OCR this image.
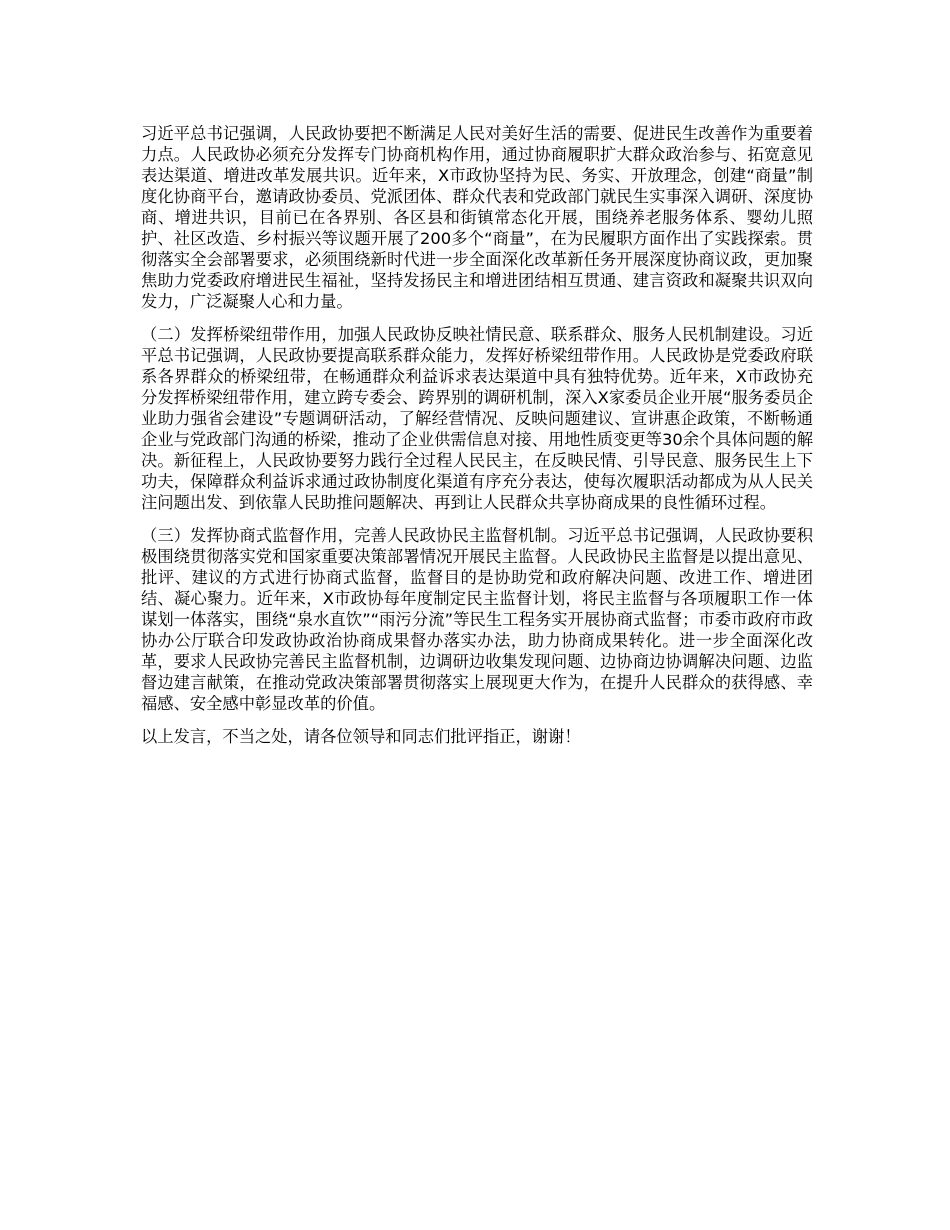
习近平总书记强调，人民政协要把不断满足人民对美好生活的需要、促进民生改善作为重要着力点。人民政协必须充分发挥专门协商机构作用，通过协商履职扩大群众政治参与、拓宽意见表达渠道、增进改革发展共识。近年来，X市政协坚持为民、务实、开放理念，创建“商量”制度化协商平台，邀请政协委员、党派团体、群众代表和党政部门就民生实事深入调研、深度协商、增进共识，目前已在各界别、各区县和街镇常态化开展，围绕养老服务体系、婴幼儿照护、社区改造、乡村振兴等议题开展了200多个“商量”，在为民履职方面作出了实践探索。贯彻落实全会部署要求，必须围绕新时代进一步全面深化改革新任务开展深度协商议政，更加聚焦助力党委政府增进民生福祉，坚持发扬民主和增进团结相互贯通、建言资政和凝聚共识双向发力，广泛凝聚人心和力量。

（二）发挥桥梁纽带作用，加强人民政协反映社情民意、联系群众、服务人民机制建设。习近平总书记强调，人民政协要提高联系群众能力，发挥好桥梁纽带作用。人民政协是党委政府联系各界群众的桥梁纽带，在畅通群众利益诉求表达渠道中具有独特优势。近年来，X市政协充分发挥桥梁纽带作用，建立跨专委会、跨界别的调研机制，深入X家委员企业开展“服务委员企业助力强省会建设”专题调研活动，了解经营情况、反映问题建议、宣讲惠企政策，不断畅通企业与党政部门沟通的桥梁，推动了企业供需信息对接、用地性质变更等30余个具体问题的解决。新征程上，人民政协要努力践行全过程人民民主，在反映民情、引导民意、服务民生上下功夫，保障群众利益诉求通过政协制度化渠道有序充分表达，使每次履职活动都成为从人民关注问题出发、到依靠人民助推问题解决、再到让人民群众共享协商成果的良性循环过程。

（三）发挥协商式监督作用，完善人民政协民主监督机制。习近平总书记强调，人民政协要积极围绕贯彻落实党和国家重要决策部署情况开展民主监督。人民政协民主监督是以提出意见、批评、建议的方式进行协商式监督，监督目的是协助党和政府解决问题、改进工作、增进团结、凝心聚力。近年来，X市政协每年度制定民主监督计划，将民主监督与各项履职工作一体谋划一体落实，围绕“泉水直饮”“雨污分流”等民生工程务实开展协商式监督；市委市政府市政协办公厅联合印发政协政治协商成果督办落实办法，助力协商成果转化。进一步全面深化改革，要求人民政协完善民主监督机制，边调研边收集发现问题、边协商边协调解决问题、边监督边建言献策，在推动党政决策部署贯彻落实上展现更大作为，在提升人民群众的获得感、幸福感、安全感中彰显改革的价值。

以上发言，不当之处，请各位领导和同志们批评指正，谢谢！
